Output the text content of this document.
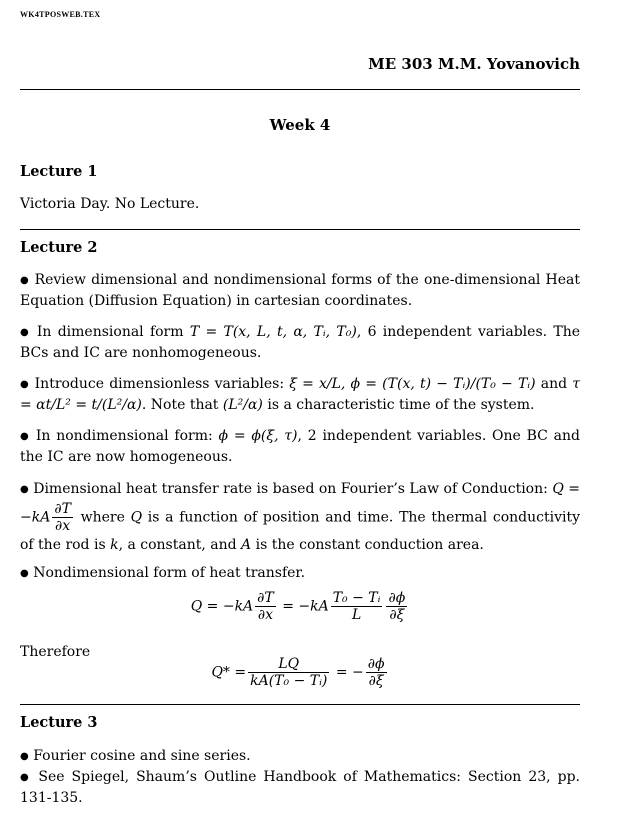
WK4TPOSWEB.TEX
ME 303 M.M. Yovanovich
Week 4
Lecture 1
Victoria Day. No Lecture.
Lecture 2
● Review dimensional and nondimensional forms of the one-dimensional Heat Equation (Diffusion Equation) in cartesian coordinates.
● In dimensional form T = T(x, L, t, α, Tᵢ, T₀), 6 independent variables. The BCs and IC are nonhomogeneous.
● Introduce dimensionless variables: ξ = x/L, ϕ = (T(x, t) − Tᵢ)/(T₀ − Tᵢ) and τ = αt/L² = t/(L²/α). Note that (L²/α) is a characteristic time of the system.
● In nondimensional form: ϕ = ϕ(ξ, τ), 2 independent variables. One BC and the IC are now homogeneous.
● Dimensional heat transfer rate is based on Fourier’s Law of Conduction: $Q = -kA \frac{\partial T}{\partial x}$ where Q is a function of position and time. The thermal conductivity of the rod is k, a constant, and A is the constant conduction area.
● Nondimensional form of heat transfer.
$Q = -kA \frac{\partial T}{\partial x} = -kA \frac{\text{T₀ − Tᵢ}}{L} \frac{\partial\phi}{\partial\xi}$
Therefore
$Q* = \frac{LQ}{\text{kA(T₀ − Tᵢ)}}$ = − $\frac{\partial\phi}{\partial\xi}$
Lecture 3
● Fourier cosine and sine series.
● See Spiegel, Shaum’s Outline Handbook of Mathematics: Section 23, pp. 131-135.
